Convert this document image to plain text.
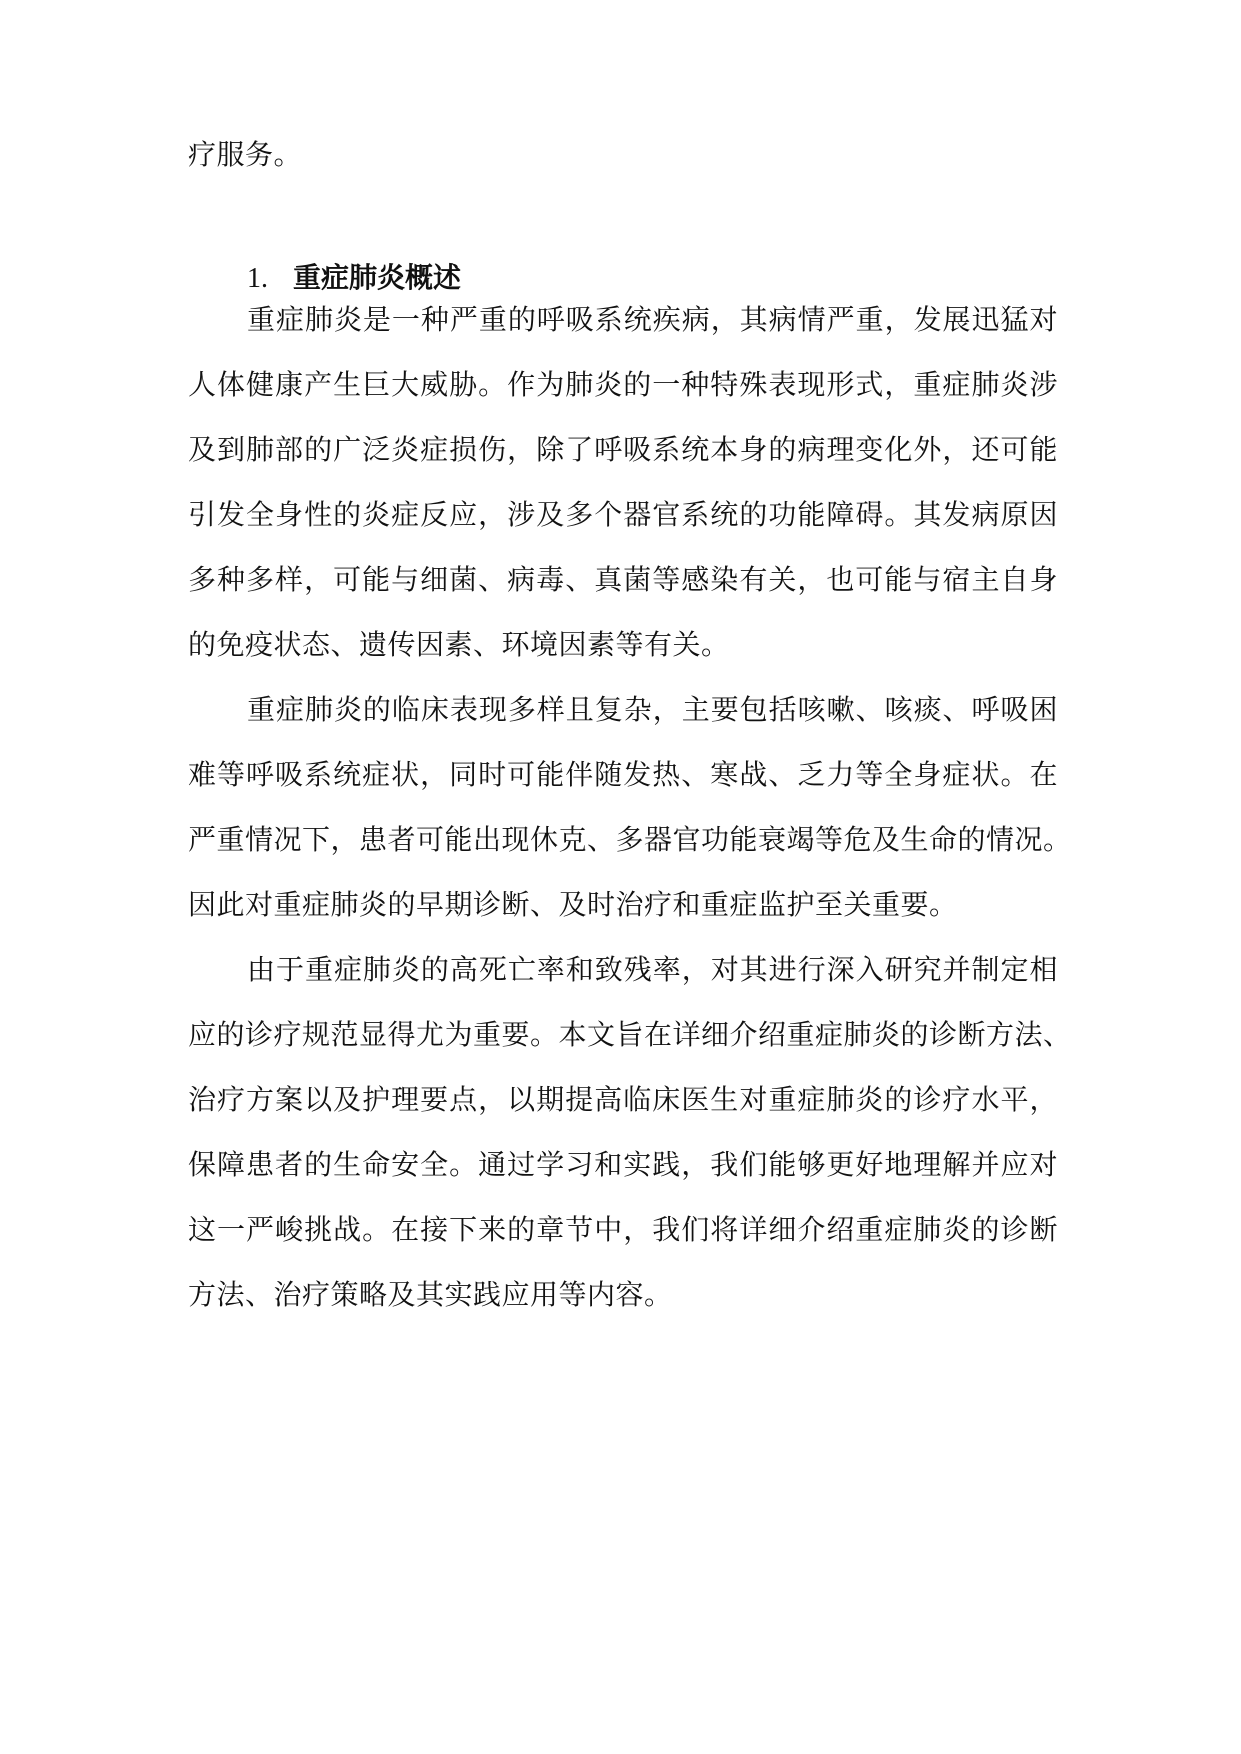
疗服务。
1. 重症肺炎概述
重症肺炎是一种严重的呼吸系统疾病，其病情严重，发展迅猛对
人体健康产生巨大威胁。作为肺炎的一种特殊表现形式，重症肺炎涉
及到肺部的广泛炎症损伤，除了呼吸系统本身的病理变化外，还可能
引发全身性的炎症反应，涉及多个器官系统的功能障碍。其发病原因
多种多样，可能与细菌、病毒、真菌等感染有关，也可能与宿主自身
的免疫状态、遗传因素、环境因素等有关。
重症肺炎的临床表现多样且复杂，主要包括咳嗽、咳痰、呼吸困
难等呼吸系统症状，同时可能伴随发热、寒战、乏力等全身症状。在
严重情况下，患者可能出现休克、多器官功能衰竭等危及生命的情况。
因此对重症肺炎的早期诊断、及时治疗和重症监护至关重要。
由于重症肺炎的高死亡率和致残率，对其进行深入研究并制定相
应的诊疗规范显得尤为重要。本文旨在详细介绍重症肺炎的诊断方法、
治疗方案以及护理要点，以期提高临床医生对重症肺炎的诊疗水平，
保障患者的生命安全。通过学习和实践，我们能够更好地理解并应对
这一严峻挑战。在接下来的章节中，我们将详细介绍重症肺炎的诊断
方法、治疗策略及其实践应用等内容。
